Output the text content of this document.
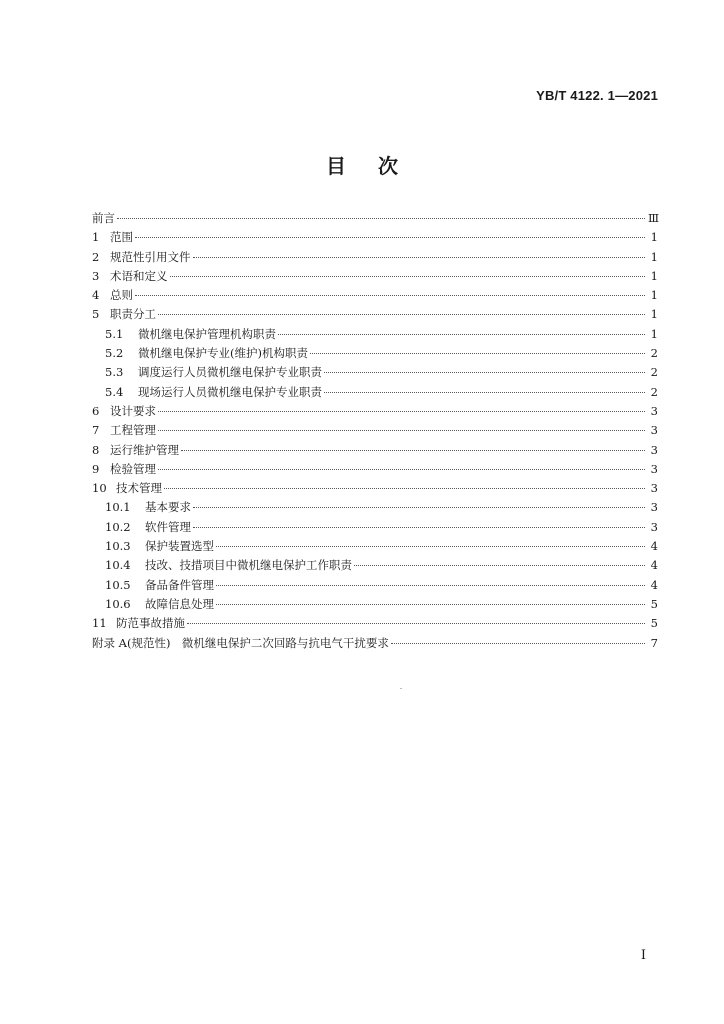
YB/T 4122. 1—2021
目 次
前言	Ⅲ
1 范围	1
2 规范性引用文件	1
3 术语和定义	1
4 总则	1
5 职责分工	1
5.1	微机继电保护管理机构职责	1
5.2	微机继电保护专业(维护)机构职责	2
5.3	调度运行人员微机继电保护专业职责	2
5.4	现场运行人员微机继电保护专业职责	2
6 设计要求	3
7 工程管理	3
8 运行维护管理	3
9 检验管理	3
10 技术管理	3
10.1	基本要求	3
10.2	软件管理	3
10.3	保护装置选型	4
10.4	技改、技措项目中微机继电保护工作职责	4
10.5	备品备件管理	4
10.6	故障信息处理	5
11 防范事故措施	5
附录 A(规范性)　微机继电保护二次回路与抗电气干扰要求	7
I
